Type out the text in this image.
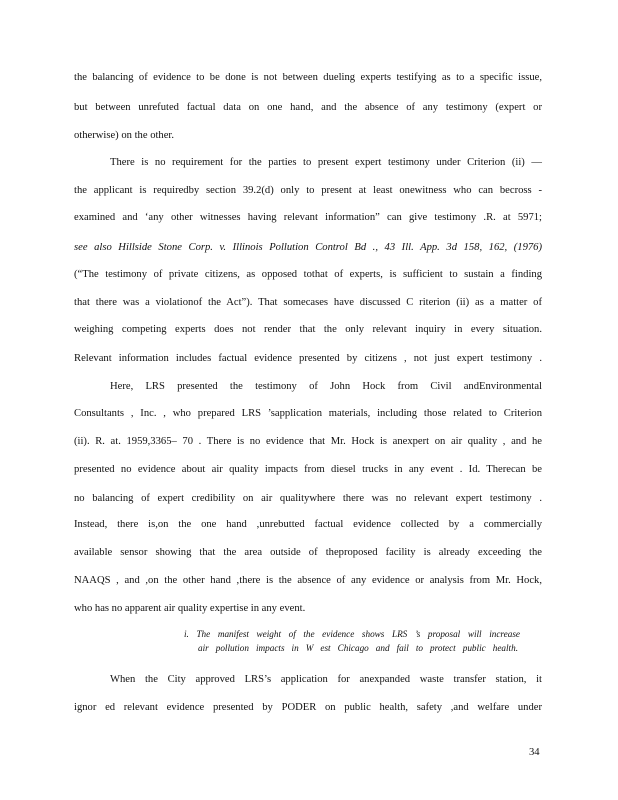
the balancing of evidence to be done is not between dueling experts testifying as to a specific issue,
but between unrefuted factual data on one hand, and the absence of any testimony (expert or
otherwise) on the other.
There is no requirement for the parties to present expert testimony under Criterion (ii) —
the applicant is requiredby section 39.2(d) only to present at least onewitness who can becross -
examined and ‘any other witnesses having relevant information” can give testimony .R. at 5971;
see also Hillside Stone Corp. v. Illinois Pollution Control Bd ., 43 Ill. App. 3d 158, 162, (1976)
(“The testimony of private citizens, as opposed tothat of experts, is sufficient to sustain a finding
that there was a violationof the Act”). That somecases have discussed C riterion (ii) as a matter of
weighing competing experts does not render that the only relevant inquiry in every situation.
Relevant information includes factual evidence presented by citizens , not just expert testimony .
Here, LRS presented the testimony of John Hock from Civil andEnvironmental
Consultants , Inc. , who prepared LRS ’sapplication materials, including those related to Criterion
(ii). R. at. 1959,3365– 70 . There is no evidence that Mr. Hock is anexpert on air quality , and he
presented no evidence about air quality impacts from diesel trucks in any event . Id. Therecan be
no balancing of expert credibility on air qualitywhere there was no relevant expert testimony .
Instead, there is,on the one hand ,unrebutted factual evidence collected by a commercially
available sensor showing that the area outside of theproposed facility is already exceeding the
NAAQS , and ,on the other hand ,there is the absence of any evidence or analysis from Mr. Hock,
who has no apparent air quality expertise in any event.
i. The manifest weight of the evidence shows LRS ’s proposal will increase
air pollution impacts in W est Chicago and fail to protect public health.
When the City approved LRS’s application for anexpanded waste transfer station, it
ignor ed relevant evidence presented by PODER on public health, safety ,and welfare under
34
